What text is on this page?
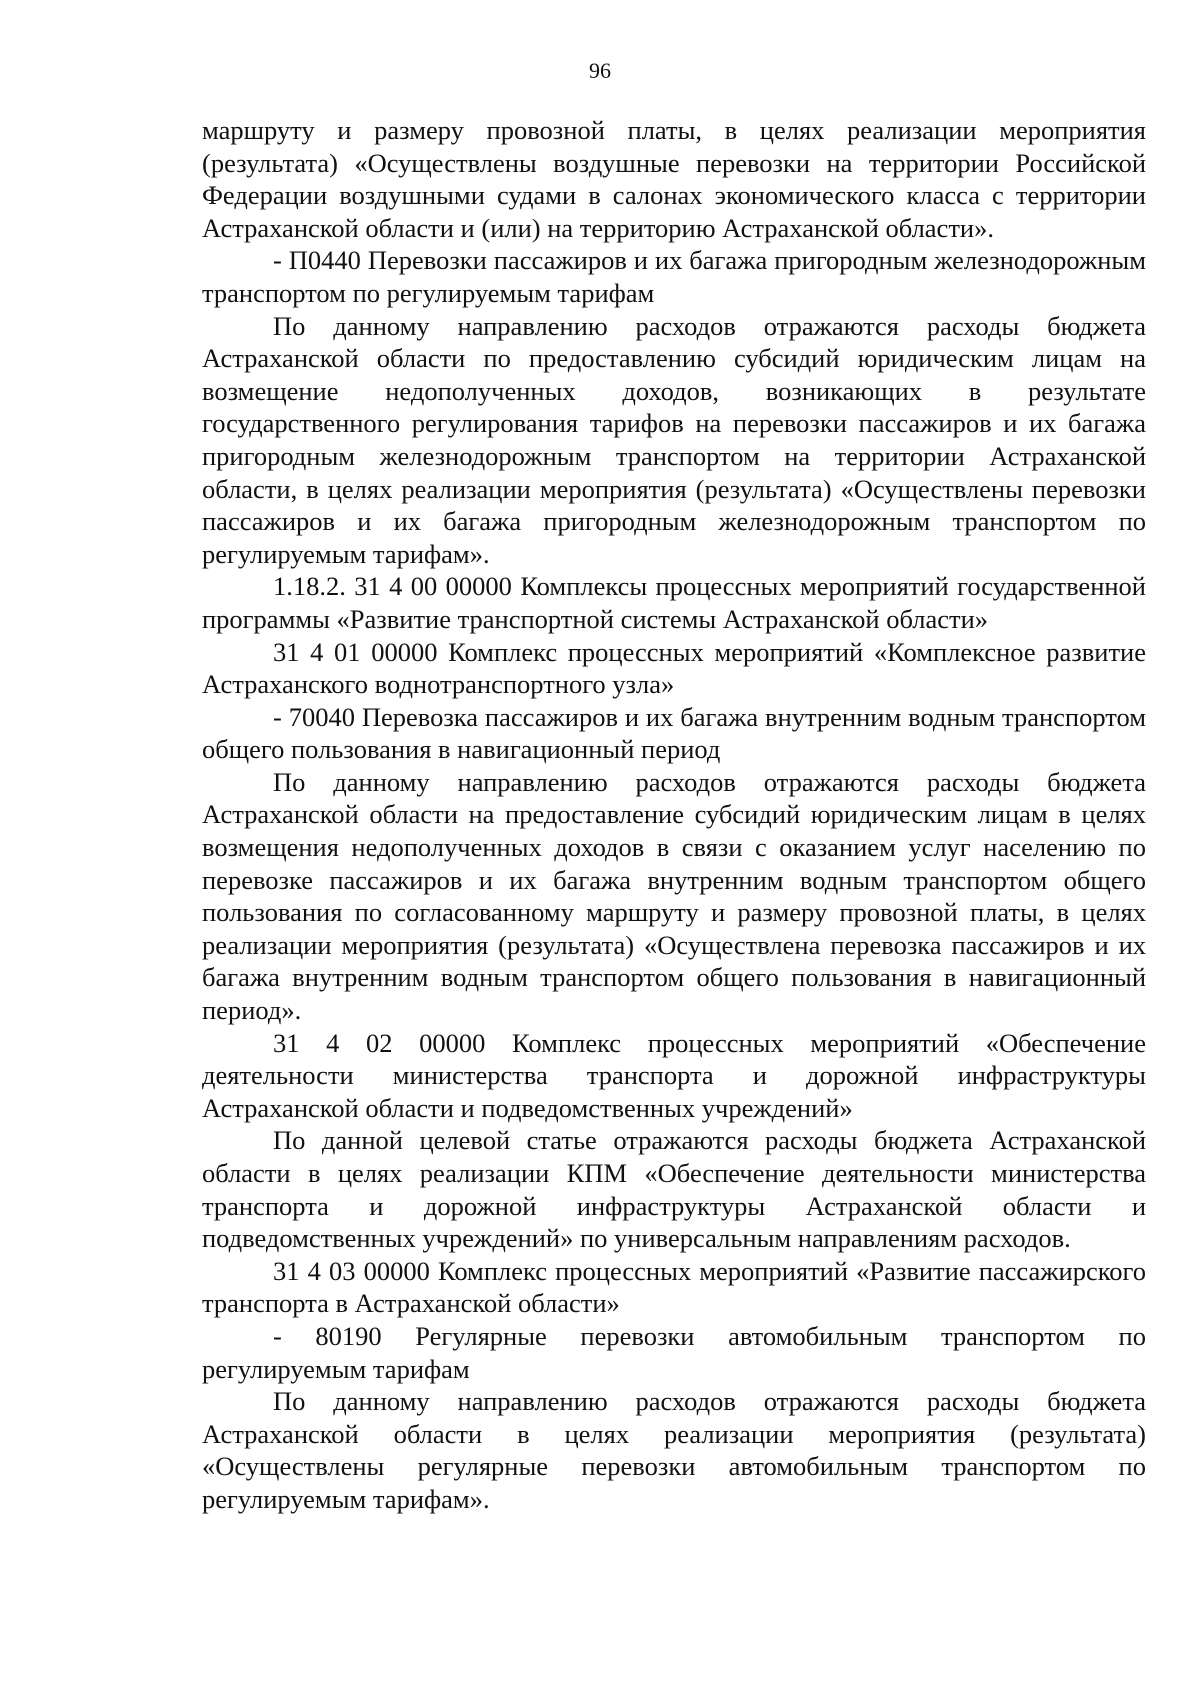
96

маршруту и размеру провозной платы, в целях реализации мероприятия (результата) «Осуществлены воздушные перевозки на территории Российской Федерации воздушными судами в салонах экономического класса с территории Астраханской области и (или) на территорию Астраханской области».

- П0440 Перевозки пассажиров и их багажа пригородным железнодорожным транспортом по регулируемым тарифам

По данному направлению расходов отражаются расходы бюджета Астраханской области по предоставлению субсидий юридическим лицам на возмещение недополученных доходов, возникающих в результате государственного регулирования тарифов на перевозки пассажиров и их багажа пригородным железнодорожным транспортом на территории Астраханской области, в целях реализации мероприятия (результата) «Осуществлены перевозки пассажиров и их багажа пригородным железнодорожным транспортом по регулируемым тарифам».

1.18.2. 31 4 00 00000 Комплексы процессных мероприятий государственной программы «Развитие транспортной системы Астраханской области»

31 4 01 00000 Комплекс процессных мероприятий «Комплексное развитие Астраханского воднотранспортного узла»

- 70040 Перевозка пассажиров и их багажа внутренним водным транспортом общего пользования в навигационный период

По данному направлению расходов отражаются расходы бюджета Астраханской области на предоставление субсидий юридическим лицам в целях возмещения недополученных доходов в связи с оказанием услуг населению по перевозке пассажиров и их багажа внутренним водным транспортом общего пользования по согласованному маршруту и размеру провозной платы, в целях реализации мероприятия (результата) «Осуществлена перевозка пассажиров и их багажа внутренним водным транспортом общего пользования в навигационный период».

31 4 02 00000 Комплекс процессных мероприятий «Обеспечение деятельности министерства транспорта и дорожной инфраструктуры Астраханской области и подведомственных учреждений»

По данной целевой статье отражаются расходы бюджета Астраханской области в целях реализации КПМ «Обеспечение деятельности министерства транспорта и дорожной инфраструктуры Астраханской области и подведомственных учреждений» по универсальным направлениям расходов.

31 4 03 00000 Комплекс процессных мероприятий «Развитие пассажирского транспорта в Астраханской области»

- 80190 Регулярные перевозки автомобильным транспортом по регулируемым тарифам

По данному направлению расходов отражаются расходы бюджета Астраханской области в целях реализации мероприятия (результата) «Осуществлены регулярные перевозки автомобильным транспортом по регулируемым тарифам».
